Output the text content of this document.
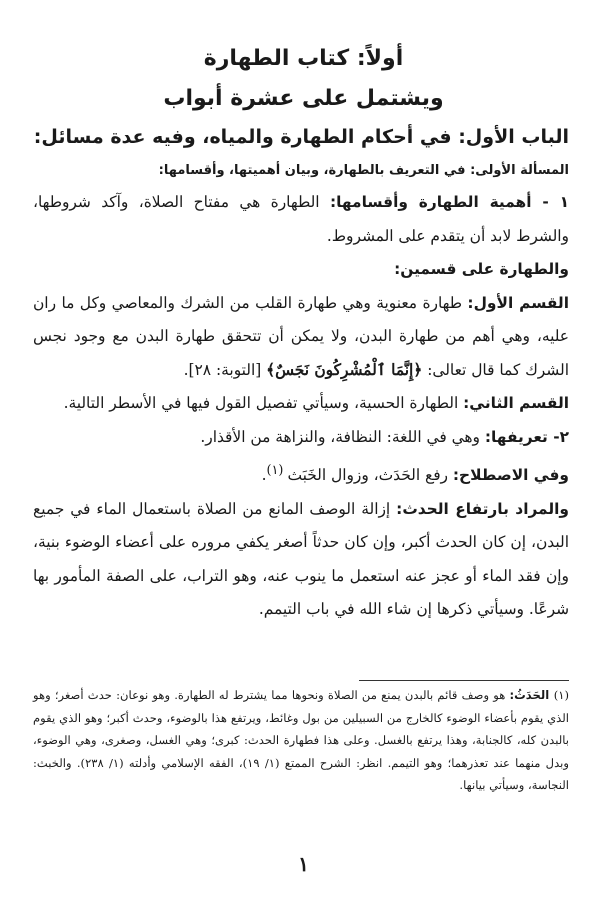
أولاً: كتاب الطهارة
ويشتمل على عشرة أبواب
الباب الأول: في أحكام الطهارة والمياه، وفيه عدة مسائل:
المسألة الأولى: في التعريف بالطهارة، وبيان أهميتها، وأقسامها:

١ - أهمية الطهارة وأقسامها: الطهارة هي مفتاح الصلاة، وآكد شروطها، والشرط لابد أن يتقدم على المشروط.

والطهارة على قسمين:

القسم الأول: طهارة معنوية وهي طهارة القلب من الشرك والمعاصي وكل ما ران عليه، وهي أهم من طهارة البدن، ولا يمكن أن تتحقق طهارة البدن مع وجود نجس الشرك كما قال تعالى: ﴿إِنَّمَا ٱلْمُشْرِكُونَ نَجَسٌ﴾ [التوبة: ٢٨].

القسم الثاني: الطهارة الحسية، وسيأتي تفصيل القول فيها في الأسطر التالية.

٢- تعريفها: وهي في اللغة: النظافة، والنزاهة من الأقذار.

وفي الاصطلاح: رفع الحَدَث، وزوال الخَبَث $^{(١)}$.

والمراد بارتفاع الحدث: إزالة الوصف المانع من الصلاة باستعمال الماء في جميع البدن، إن كان الحدث أكبر، وإن كان حدثاً أصغر يكفي مروره على أعضاء الوضوء بنية، وإن فقد الماء أو عجز عنه استعمل ما ينوب عنه، وهو التراب، على الصفة المأمور بها شرعًا. وسيأتي ذكرها إن شاء الله في باب التيمم.

(١) الحَدَثُ: هو وصف قائم بالبدن يمنع من الصلاة ونحوها مما يشترط له الطهارة. وهو نوعان: حدث أصغر؛ وهو الذي يقوم بأعضاء الوضوء كالخارج من السبيلين من بول وغائط، ويرتفع هذا بالوضوء، وحدث أكبر؛ وهو الذي يقوم بالبدن كله، كالجنابة، وهذا يرتفع بالغسل. وعلى هذا فطهارة الحدث: كبرى؛ وهي الغسل، وصغرى، وهي الوضوء، وبدل منهما عند تعذرهما؛ وهو التيمم. انظر: الشرح الممتع (١/ ١٩)، الفقه الإسلامي وأدلته (١/ ٢٣٨). والخبث: النجاسة، وسيأتي بيانها.

١
